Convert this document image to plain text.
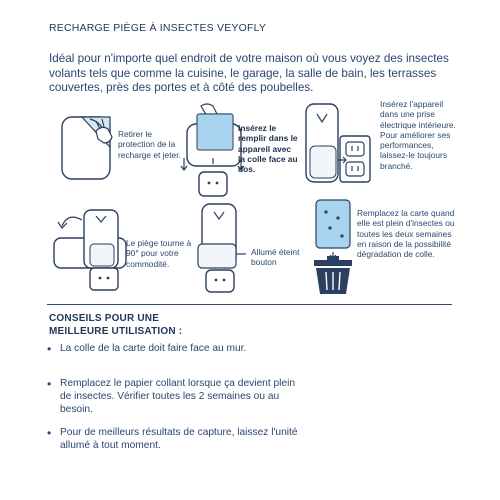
RECHARGE PIÈGE À INSECTES VEYOFLY
Idéal pour n'importe quel endroit de votre maison où vous voyez des insectes volants tels que comme la cuisine, le garage, la salle de bain, les terrasses couvertes, près des portes et à côté des poubelles.
Retirer le protection de la recharge et jeter.
Insérez le remplir dans le appareil avec la colle face au dos.
Insérez l'appareil dans une prise électrique intérieure. Pour améliorer ses performances, laissez-le toujours branché.
Le piège tourne à 90° pour votre commodité.
Allumé éteint bouton
Remplacez la carte quand elle est plein d'insectes ou toutes les deux semaines en raison de la possibilité dégradation de colle.
CONSEILS POUR UNE MEILLEURE UTILISATION :
• La colle de la carte doit faire face au mur.
• Remplacez le papier collant lorsque ça devient plein de insectes. Vérifier toutes les 2 semaines ou au besoin.
• Pour de meilleurs résultats de capture, laissez l'unité allumé à tout moment.
